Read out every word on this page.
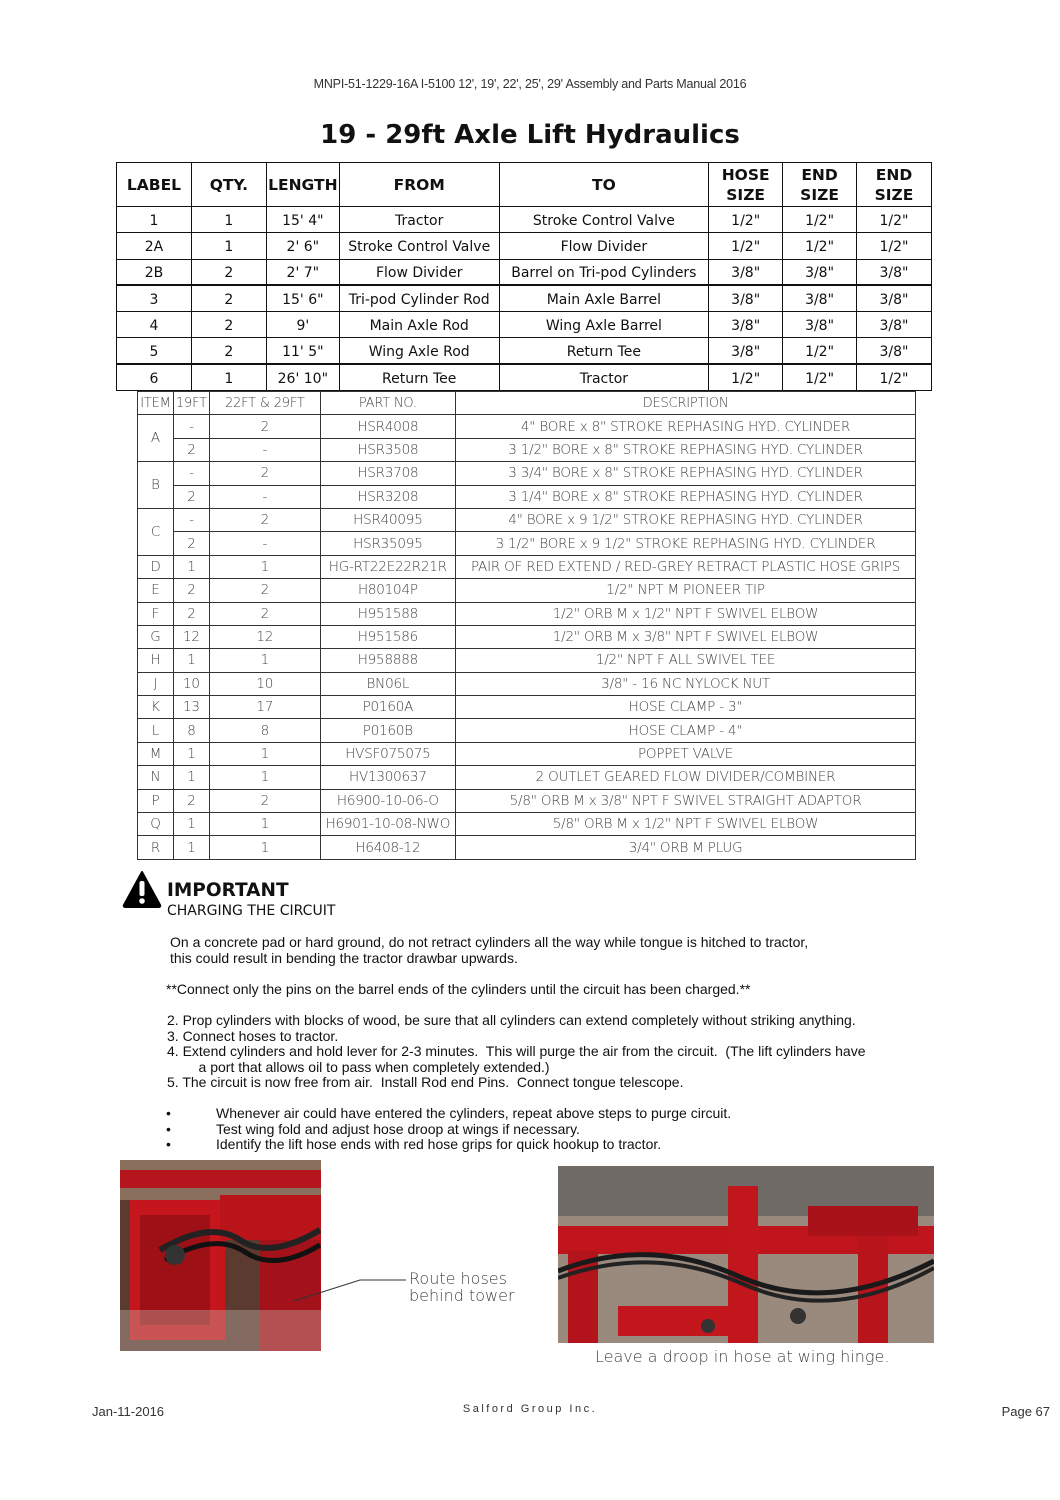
MNPI-51-1229-16A I-5100 12', 19', 22', 25', 29' Assembly and Parts Manual 2016
19 - 29ft Axle Lift Hydraulics
LABEL	QTY.	LENGTH	FROM	TO	HOSE SIZE	END SIZE	END SIZE
1	1	15' 4"	Tractor	Stroke Control Valve	1/2"	1/2"	1/2"
2A	1	2' 6"	Stroke Control Valve	Flow Divider	1/2"	1/2"	1/2"
2B	2	2' 7"	Flow Divider	Barrel on Tri-pod Cylinders	3/8"	3/8"	3/8"
3	2	15' 6"	Tri-pod Cylinder Rod	Main Axle Barrel	3/8"	3/8"	3/8"
4	2	9'	Main Axle Rod	Wing Axle Barrel	3/8"	3/8"	3/8"
5	2	11' 5"	Wing Axle Rod	Return Tee	3/8"	1/2"	3/8"
6	1	26' 10"	Return Tee	Tractor	1/2"	1/2"	1/2"
ITEM	19FT	22FT & 29FT	PART NO.	DESCRIPTION
A	-	2	HSR4008	4" BORE x 8" STROKE REPHASING HYD. CYLINDER
	2	-	HSR3508	3 1/2" BORE x 8" STROKE REPHASING HYD. CYLINDER
B	-	2	HSR3708	3 3/4" BORE x 8" STROKE REPHASING HYD. CYLINDER
	2	-	HSR3208	3 1/4" BORE x 8" STROKE REPHASING HYD. CYLINDER
C	-	2	HSR40095	4" BORE x 9 1/2" STROKE REPHASING HYD. CYLINDER
	2	-	HSR35095	3 1/2" BORE x 9 1/2" STROKE REPHASING HYD. CYLINDER
D	1	1	HG-RT22E22R21R	PAIR OF RED EXTEND / RED-GREY RETRACT PLASTIC HOSE GRIPS
E	2	2	H80104P	1/2" NPT M PIONEER TIP
F	2	2	H951588	1/2" ORB M x 1/2" NPT F SWIVEL ELBOW
G	12	12	H951586	1/2" ORB M x 3/8" NPT F SWIVEL ELBOW
H	1	1	H958888	1/2" NPT F ALL SWIVEL TEE
J	10	10	BN06L	3/8" - 16 NC NYLOCK NUT
K	13	17	P0160A	HOSE CLAMP - 3"
L	8	8	P0160B	HOSE CLAMP - 4"
M	1	1	HVSF075075	POPPET VALVE
N	1	1	HV1300637	2 OUTLET GEARED FLOW DIVIDER/COMBINER
P	2	2	H6900-10-06-O	5/8" ORB M x 3/8" NPT F SWIVEL STRAIGHT ADAPTOR
Q	1	1	H6901-10-08-NWO	5/8" ORB M x 1/2" NPT F SWIVEL ELBOW
R	1	1	H6408-12	3/4" ORB M PLUG
IMPORTANT
CHARGING THE CIRCUIT
On a concrete pad or hard ground, do not retract cylinders all the way while tongue is hitched to tractor,
this could result in bending the tractor drawbar upwards.
**Connect only the pins on the barrel ends of the cylinders until the circuit has been charged.**
2. Prop cylinders with blocks of wood, be sure that all cylinders can extend completely without striking anything.
3. Connect hoses to tractor.
4. Extend cylinders and hold lever for 2-3 minutes.  This will purge the air from the circuit.  (The lift cylinders have
a port that allows oil to pass when completely extended.)
5. The circuit is now free from air.  Install Rod end Pins.  Connect tongue telescope.
•	Whenever air could have entered the cylinders, repeat above steps to purge circuit.
•	Test wing fold and adjust hose droop at wings if necessary.
•	Identify the lift hose ends with red hose grips for quick hookup to tractor.
Route hoses
behind tower
Leave a droop in hose at wing hinge.
Jan-11-2016	Salford Group Inc.	Page 67
